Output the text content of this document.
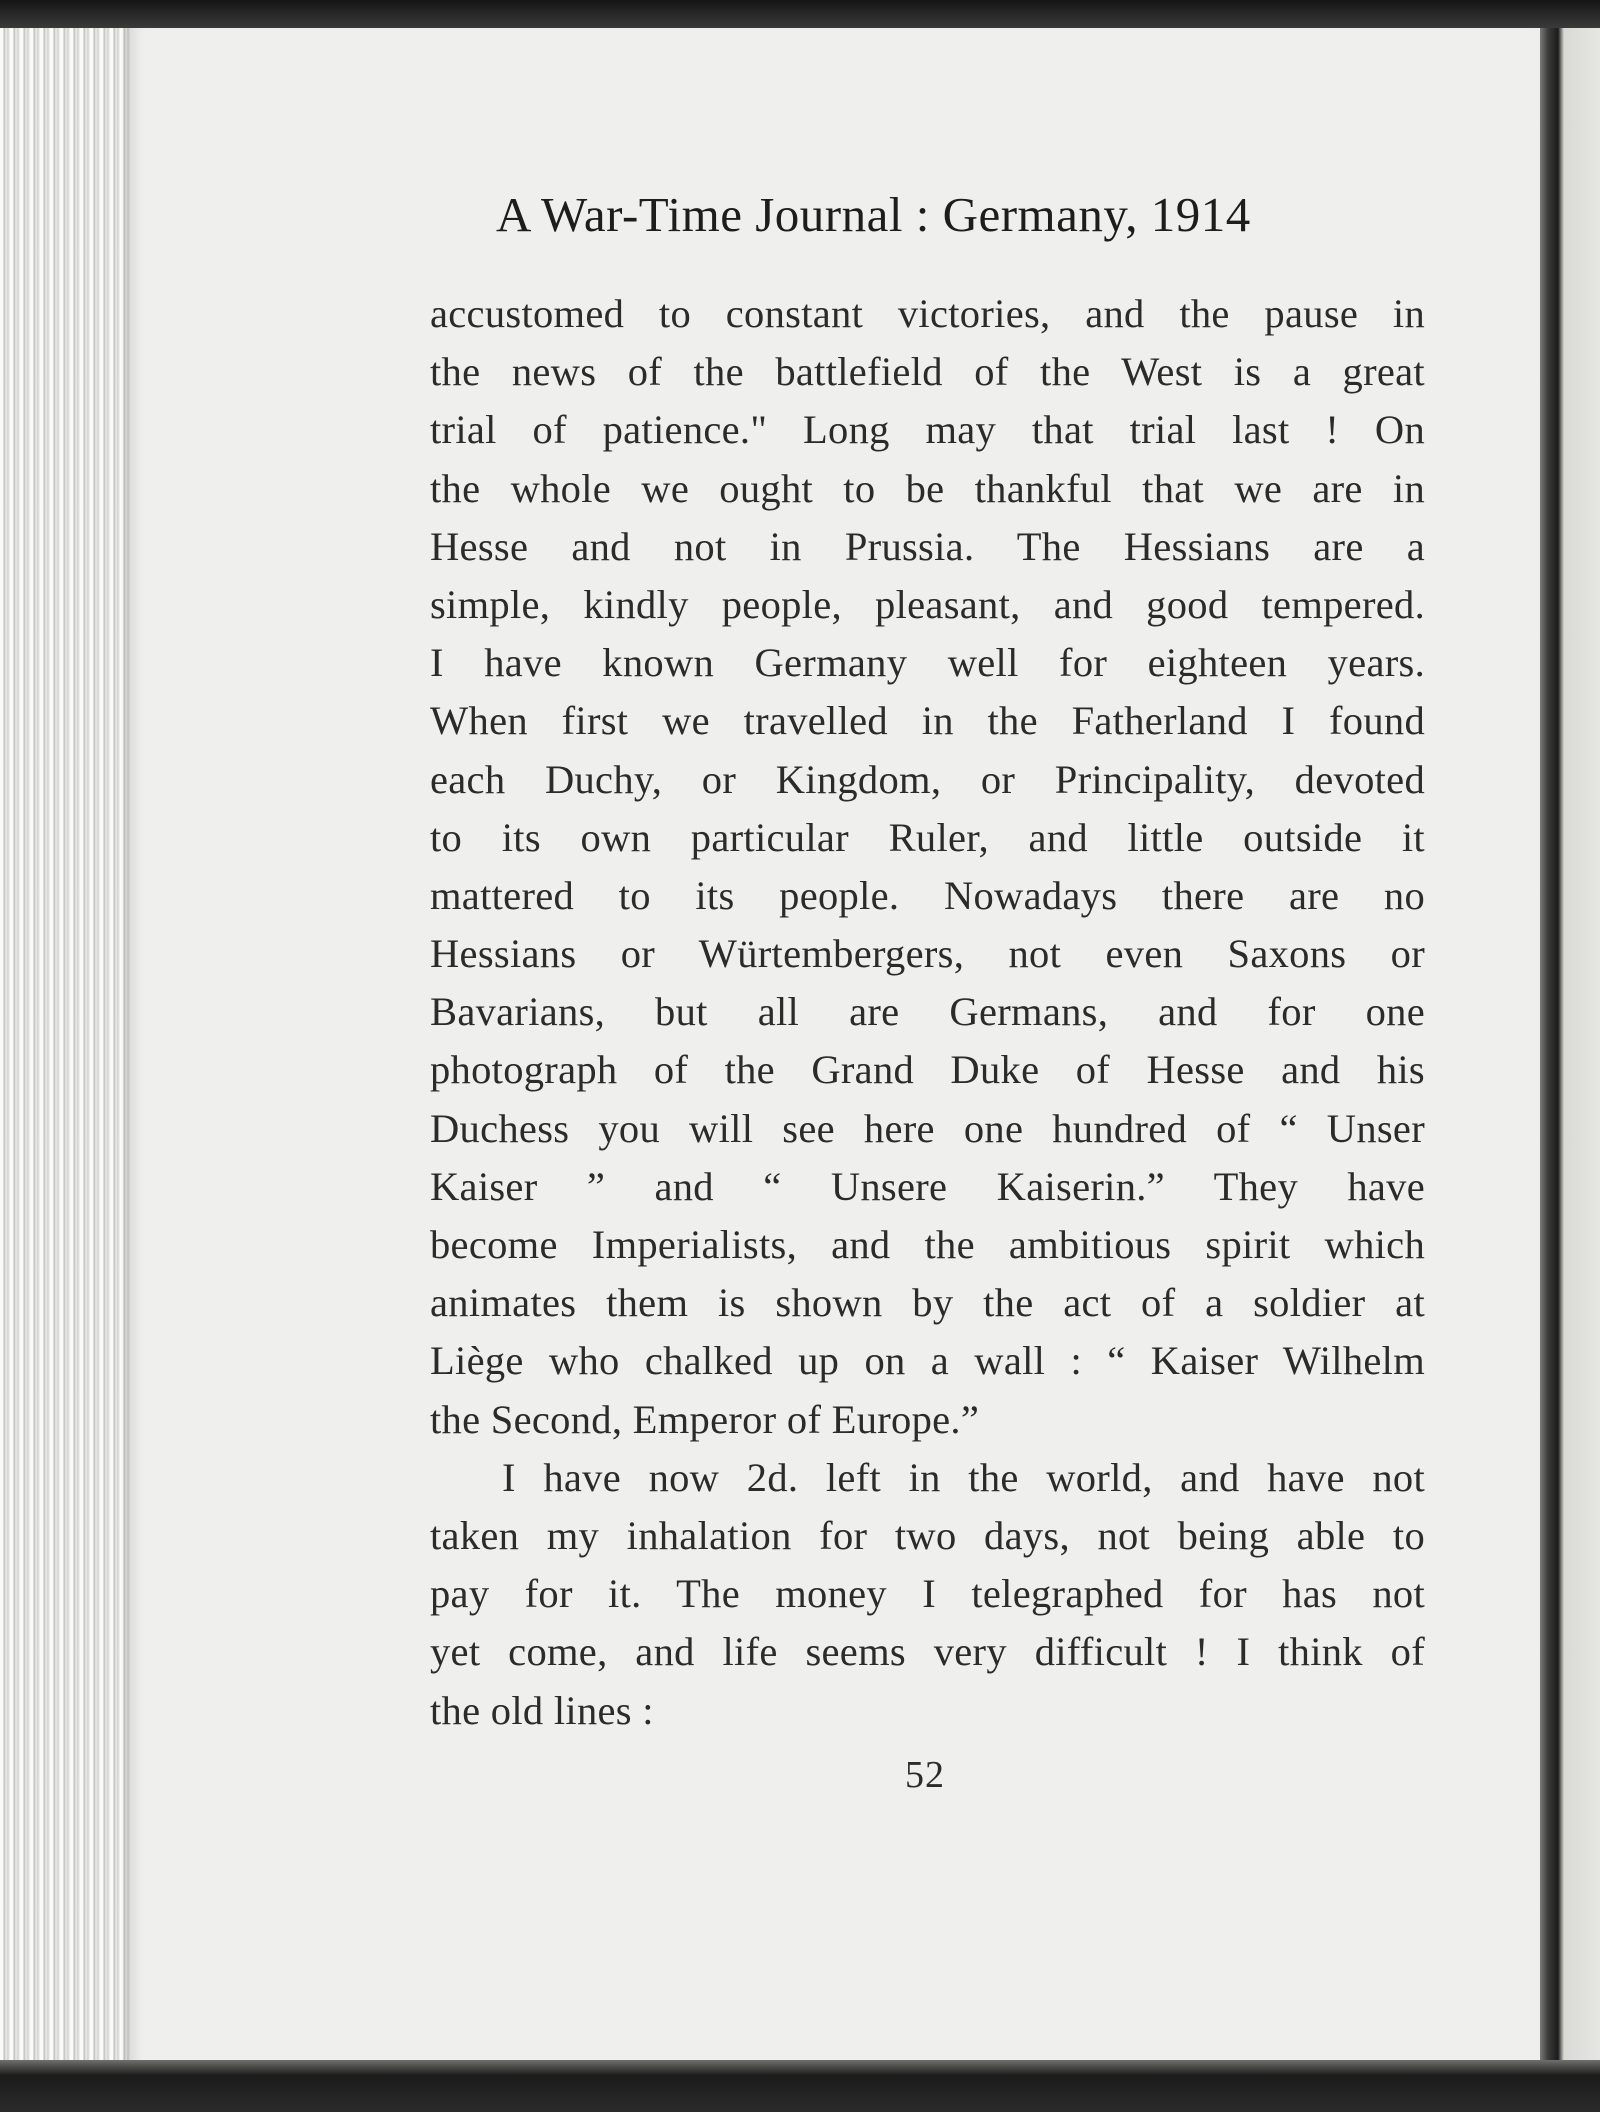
A War-Time Journal : Germany, 1914
accustomed to constant victories, and the pause in
the news of the battlefield of the West is a great
trial of patience." Long may that trial last ! On
the whole we ought to be thankful that we are in
Hesse and not in Prussia. The Hessians are a
simple, kindly people, pleasant, and good tempered.
I have known Germany well for eighteen years.
When first we travelled in the Fatherland I found
each Duchy, or Kingdom, or Principality, devoted
to its own particular Ruler, and little outside it
mattered to its people. Nowadays there are no
Hessians or Würtembergers, not even Saxons or
Bavarians, but all are Germans, and for one
photograph of the Grand Duke of Hesse and his
Duchess you will see here one hundred of “ Unser
Kaiser ” and “ Unsere Kaiserin.” They have
become Imperialists, and the ambitious spirit which
animates them is shown by the act of a soldier at
Liège who chalked up on a wall : “ Kaiser Wilhelm
the Second, Emperor of Europe.”
I have now 2d. left in the world, and have not
taken my inhalation for two days, not being able to
pay for it. The money I telegraphed for has not
yet come, and life seems very difficult ! I think of
the old lines :
52
